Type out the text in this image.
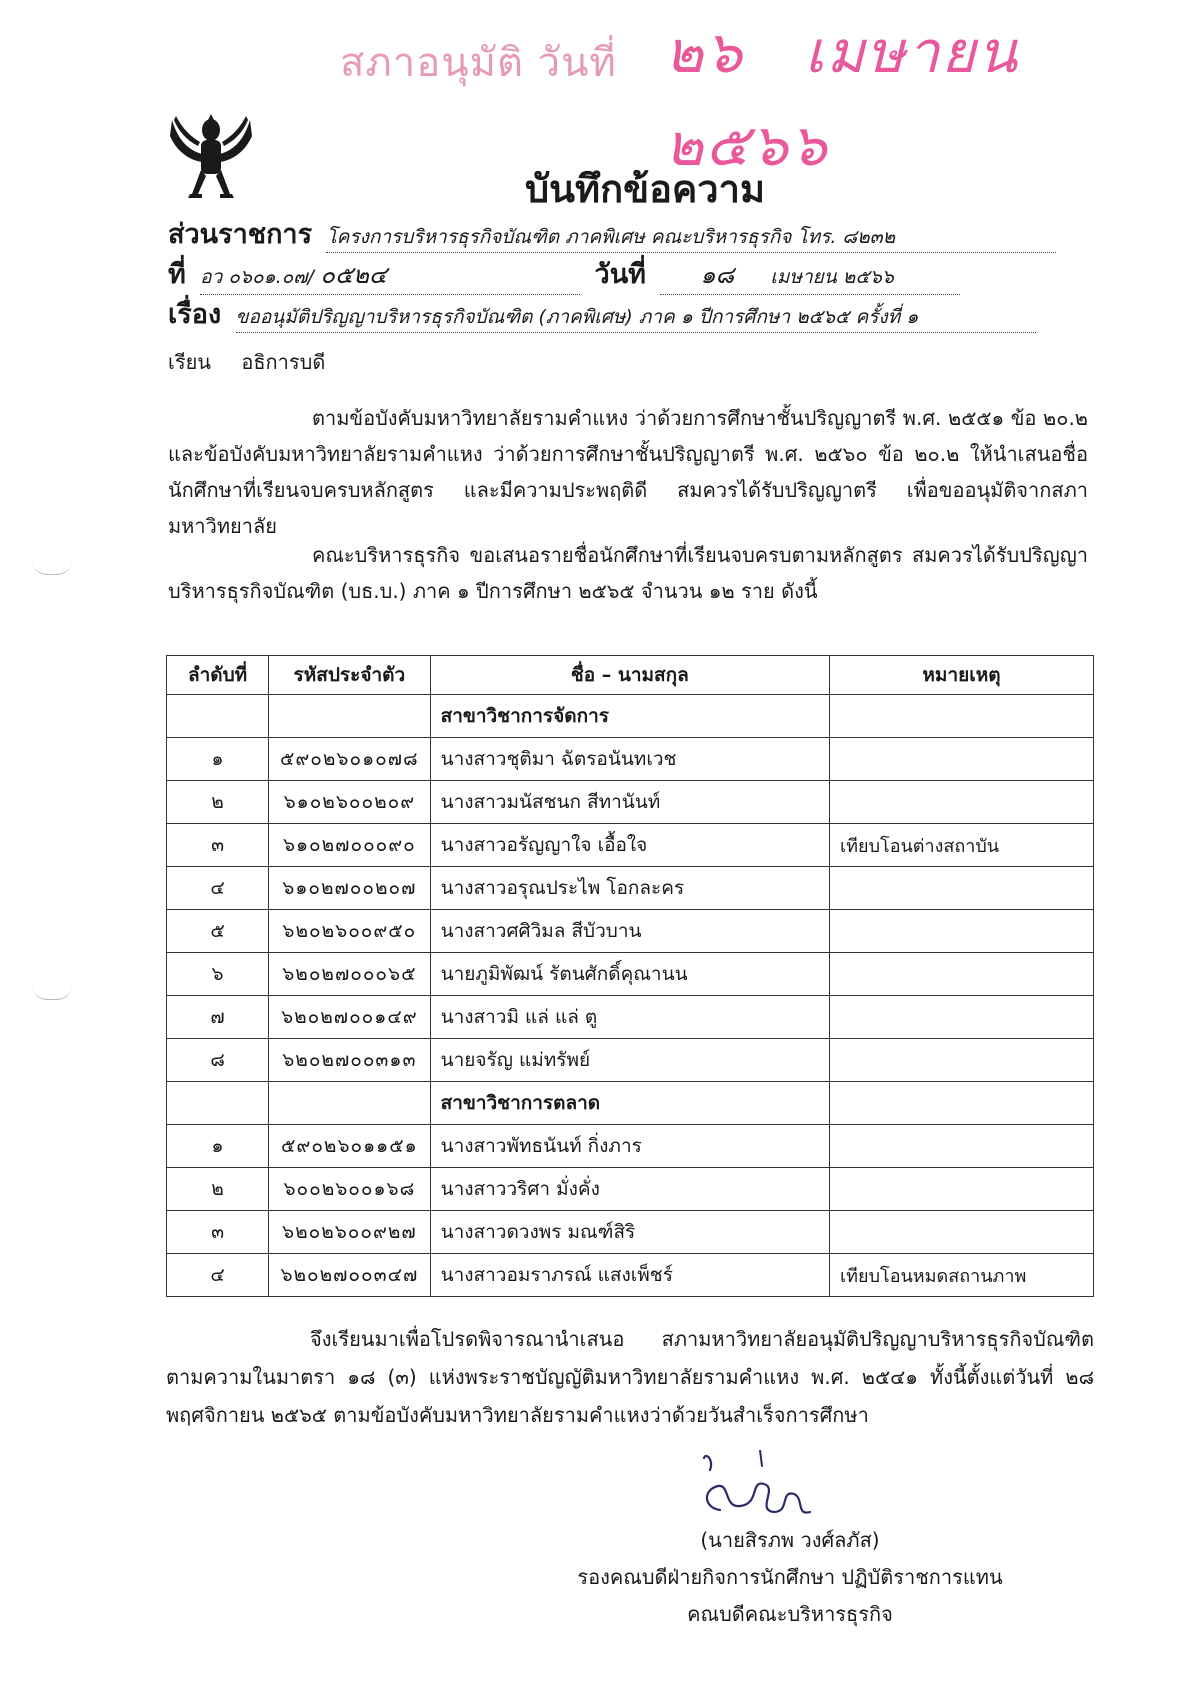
สภาอนุมัติ วันที่ ๒๖ เมษายน ๒๕๖๖
บันทึกข้อความ
ส่วนราชการ โครงการบริหารธุรกิจบัณฑิต ภาคพิเศษ คณะบริหารธุรกิจ โทร. ๘๒๓๒
ที่ อว ๐๖๐๑.๐๗/ ๐๕๒๔	วันที่ ๑๘ เมษายน ๒๕๖๖
เรื่อง ขออนุมัติปริญญาบริหารธุรกิจบัณฑิต (ภาคพิเศษ) ภาค ๑ ปีการศึกษา ๒๕๖๕ ครั้งที่ ๑
เรียน อธิการบดี

ตามข้อบังคับมหาวิทยาลัยรามคำแหง ว่าด้วยการศึกษาชั้นปริญญาตรี พ.ศ. ๒๕๕๑ ข้อ ๒๐.๒ และข้อบังคับมหาวิทยาลัยรามคำแหง ว่าด้วยการศึกษาชั้นปริญญาตรี พ.ศ. ๒๕๖๐ ข้อ ๒๐.๒ ให้นำเสนอชื่อนักศึกษาที่เรียนจบครบหลักสูตร และมีความประพฤติดี สมควรได้รับปริญญาตรี เพื่อขออนุมัติจากสภามหาวิทยาลัย

คณะบริหารธุรกิจ ขอเสนอรายชื่อนักศึกษาที่เรียนจบครบตามหลักสูตร สมควรได้รับปริญญาบริหารธุรกิจบัณฑิต (บธ.บ.) ภาค ๑ ปีการศึกษา ๒๕๖๕ จำนวน ๑๒ ราย ดังนี้

ลำดับที่	รหัสประจำตัว	ชื่อ – นามสกุล	หมายเหตุ
		สาขาวิชาการจัดการ	
๑	๕๙๐๒๖๐๑๐๗๘	นางสาวชุติมา ฉัตรอนันทเวช	
๒	๖๑๐๒๖๐๐๒๐๙	นางสาวมนัสชนก สีทานันท์	
๓	๖๑๐๒๗๐๐๐๙๐	นางสาวอรัญญาใจ เอื้อใจ	เทียบโอนต่างสถาบัน
๔	๖๑๐๒๗๐๐๒๐๗	นางสาวอรุณประไพ โอกละคร	
๕	๖๒๐๒๖๐๐๙๕๐	นางสาวศศิวิมล สีบัวบาน	
๖	๖๒๐๒๗๐๐๐๖๕	นายภูมิพัฒน์ รัตนศักดิ์คุณานน	
๗	๖๒๐๒๗๐๐๑๔๙	นางสาวมิ แล่ แล่ ตู	
๘	๖๒๐๒๗๐๐๓๑๓	นายจรัญ แม่ทรัพย์	
		สาขาวิชาการตลาด	
๑	๕๙๐๒๖๐๑๑๕๑	นางสาวพัทธนันท์ กิ่งภาร	
๒	๖๐๐๒๖๐๐๑๖๘	นางสาววริศา มั่งคั่ง	
๓	๖๒๐๒๖๐๐๙๒๗	นางสาวดวงพร มณฑ์สิริ	
๔	๖๒๐๒๗๐๐๓๔๗	นางสาวอมราภรณ์ แสงเพ็ชร์	เทียบโอนหมดสถานภาพ

จึงเรียนมาเพื่อโปรดพิจารณานำเสนอ สภามหาวิทยาลัยอนุมัติปริญญาบริหารธุรกิจบัณฑิต ตามความในมาตรา ๑๘ (๓) แห่งพระราชบัญญัติมหาวิทยาลัยรามคำแหง พ.ศ. ๒๕๔๑ ทั้งนี้ตั้งแต่วันที่ ๒๘ พฤศจิกายน ๒๕๖๕ ตามข้อบังคับมหาวิทยาลัยรามคำแหงว่าด้วยวันสำเร็จการศึกษา

(นายสิรภพ วงศ์ลภัส)
รองคณบดีฝ่ายกิจการนักศึกษา ปฏิบัติราชการแทน
คณบดีคณะบริหารธุรกิจ
